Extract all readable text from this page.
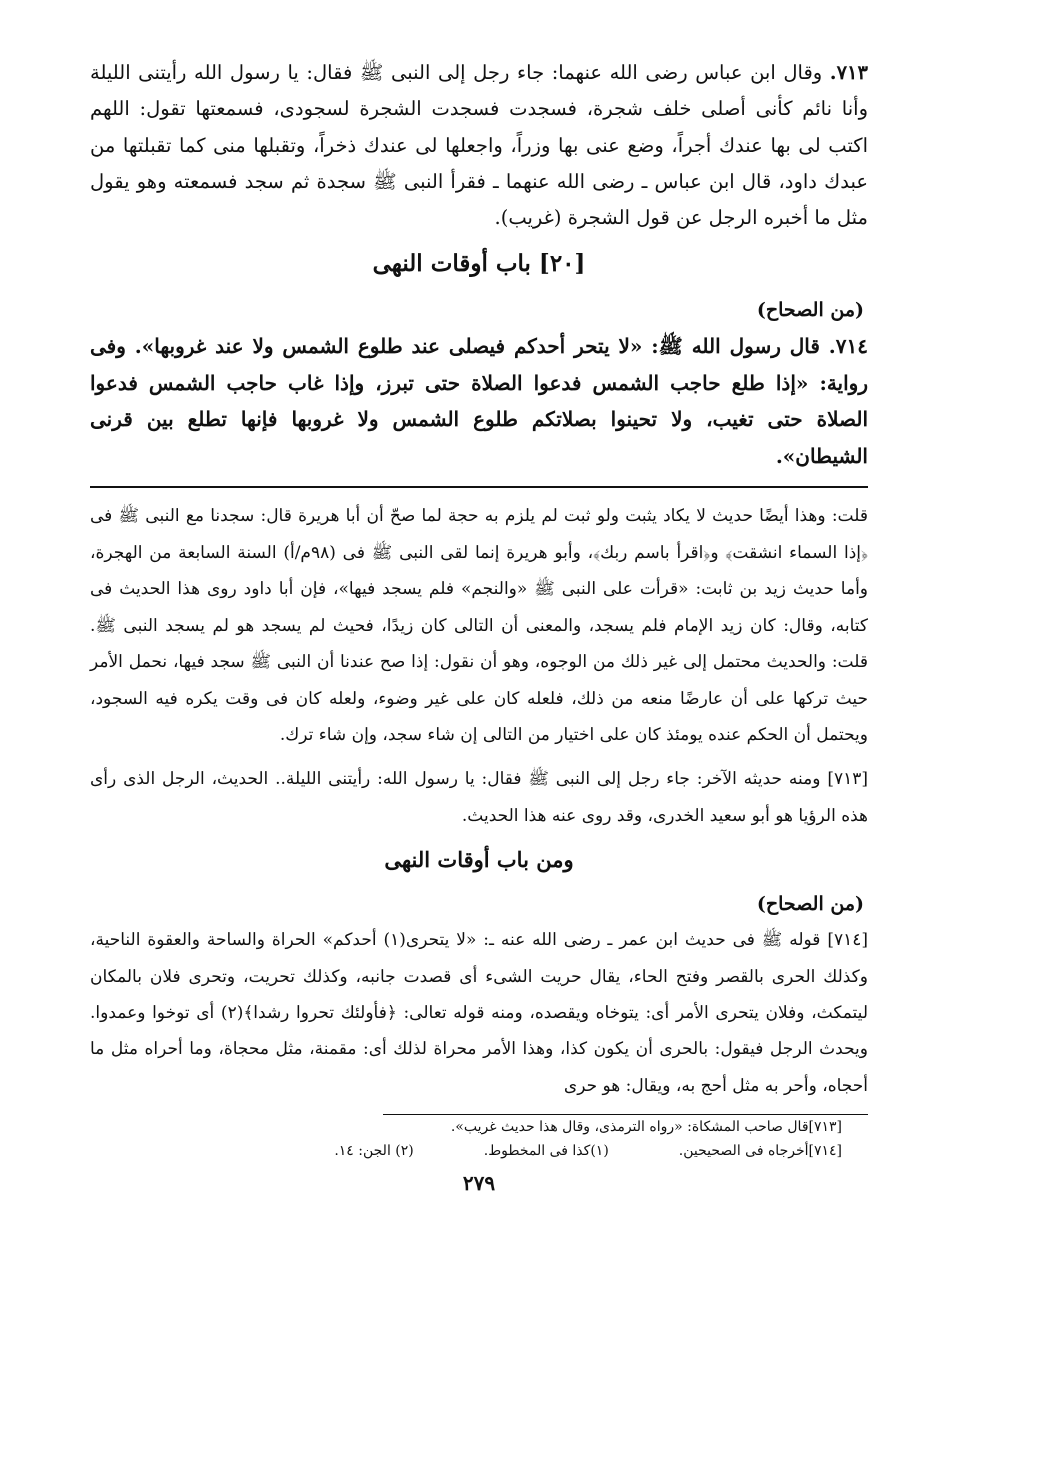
٧١٣. وقال ابن عباس رضى الله عنهما: جاء رجل إلى النبى ﷺ فقال: يا رسول الله رأيتنى الليلة وأنا نائم كأنى أصلى خلف شجرة، فسجدت فسجدت الشجرة لسجودى، فسمعتها تقول: اللهم اكتب لى بها عندك أجراً، وضع عنى بها وزراً، واجعلها لى عندك ذخراً، وتقبلها منى كما تقبلتها من عبدك داود، قال ابن عباس ـ رضى الله عنهما ـ فقرأ النبى ﷺ سجدة ثم سجد فسمعته وهو يقول مثل ما أخبره الرجل عن قول الشجرة (غريب).

[٢٠] باب أوقات النهى

(من الصحاح)

٧١٤. قال رسول الله ﷺ: «لا يتحر أحدكم فيصلى عند طلوع الشمس ولا عند غروبها». وفى رواية: «إذا طلع حاجب الشمس فدعوا الصلاة حتى تبرز، وإذا غاب حاجب الشمس فدعوا الصلاة حتى تغيب، ولا تحينوا بصلاتكم طلوع الشمس ولا غروبها فإنها تطلع بين قرنى الشيطان».

قلت: وهذا أيضًا حديث لا يكاد يثبت ولو ثبت لم يلزم به حجة لما صحّ أن أبا هريرة قال: سجدنا مع النبى ﷺ فى ﴿إذا السماء انشقت﴾ و﴿اقرأ باسم ربك﴾، وأبو هريرة إنما لقى النبى ﷺ فى (٩٨م/أ) السنة السابعة من الهجرة، وأما حديث زيد بن ثابت: «قرأت على النبى ﷺ «والنجم» فلم يسجد فيها»، فإن أبا داود روى هذا الحديث فى كتابه، وقال: كان زيد الإمام فلم يسجد، والمعنى أن التالى كان زيدًا، فحيث لم يسجد هو لم يسجد النبى ﷺ. قلت: والحديث محتمل إلى غير ذلك من الوجوه، وهو أن نقول: إذا صح عندنا أن النبى ﷺ سجد فيها، نحمل الأمر حيث تركها على أن عارضًا منعه من ذلك، فلعله كان على غير وضوء، ولعله كان فى وقت يكره فيه السجود، ويحتمل أن الحكم عنده يومئذ كان على اختيار من التالى إن شاء سجد، وإن شاء ترك.

[٧١٣] ومنه حديثه الآخر: جاء رجل إلى النبى ﷺ فقال: يا رسول الله: رأيتنى الليلة.. الحديث، الرجل الذى رأى هذه الرؤيا هو أبو سعيد الخدرى، وقد روى عنه هذا الحديث.

ومن باب أوقات النهى

(من الصحاح)

[٧١٤] قوله ﷺ فى حديث ابن عمر ـ رضى الله عنه ـ: «لا يتحرى(١) أحدكم» الحراة والساحة والعقوة الناحية، وكذلك الحرى بالقصر وفتح الحاء، يقال حريت الشىء أى قصدت جانبه، وكذلك تحريت، وتحرى فلان بالمكان ليتمكث، وفلان يتحرى الأمر أى: يتوخاه ويقصده، ومنه قوله تعالى: ﴿فأولئك تحروا رشدا﴾(٢) أى توخوا وعمدوا. ويحدث الرجل فيقول: بالحرى أن يكون كذا، وهذا الأمر محراة لذلك أى: مقمنة، مثل محجاة، وما أحراه مثل ما أحجاه، وأحر به مثل أحج به، ويقال: هو حرى

[٧١٣]قال صاحب المشكاة: «رواه الترمذى، وقال هذا حديث غريب».

[٧١٤]أخرجاه فى الصحيحين.
(١)كذا فى المخطوط.
(٢) الجن: ١٤.
٢٧٩
